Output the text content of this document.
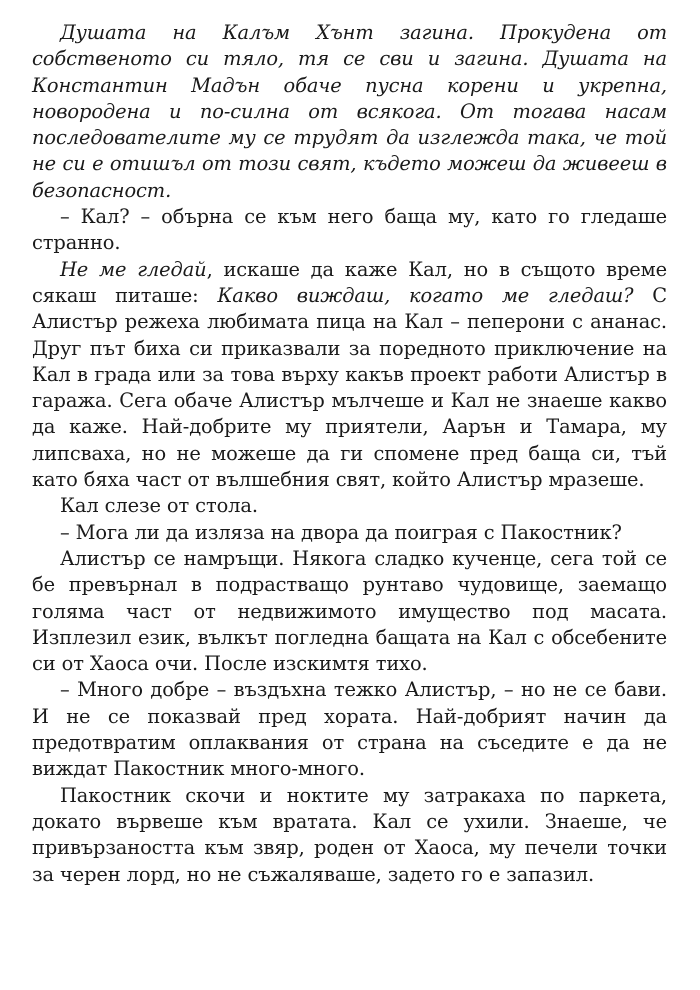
Душата на Калъм Хънт загина. Прокудена от собственото си тяло, тя се сви и загина. Душата на Константин Мадън обаче пусна корени и укрепна, новородена и по-силна от всякога. От тогава насам последователите му се трудят да изглежда така, че той не си е отишъл от този свят, където можеш да живееш в безопасност.

– Кал? – обърна се към него баща му, като го гледаше странно.

Не ме гледай, искаше да каже Кал, но в същото време сякаш питаше: Какво виждаш, когато ме гледаш? С Алистър режеха любимата пица на Кал – пеперони с ананас. Друг път биха си приказвали за поредното приключение на Кал в града или за това върху какъв проект работи Алистър в гаража. Сега обаче Алистър мълчеше и Кал не знаеше какво да каже. Най-добрите му приятели, Аарън и Тамара, му липсваха, но не можеше да ги спомене пред баща си, тъй като бяха част от вълшебния свят, който Алистър мразеше.

Кал слезе от стола.

– Мога ли да изляза на двора да поиграя с Пакостник?

Алистър се намръщи. Някога сладко кученце, сега той се бе превърнал в подрастващо рунтаво чудовище, заемащо голяма част от недвижимото имущество под масата. Изплезил език, вълкът погледна бащата на Кал с обсебените си от Хаоса очи. После изскимтя тихо.

– Много добре – въздъхна тежко Алистър, – но не се бави. И не се показвай пред хората. Най-добрият начин да предотвратим оплаквания от страна на съседите е да не виждат Пакостник много-много.

Пакостник скочи и ноктите му затракаха по паркета, докато вървеше към вратата. Кал се ухили. Знаеше, че привързаността към звяр, роден от Хаоса, му печели точки за черен лорд, но не съжаляваше, задето го е запазил.
